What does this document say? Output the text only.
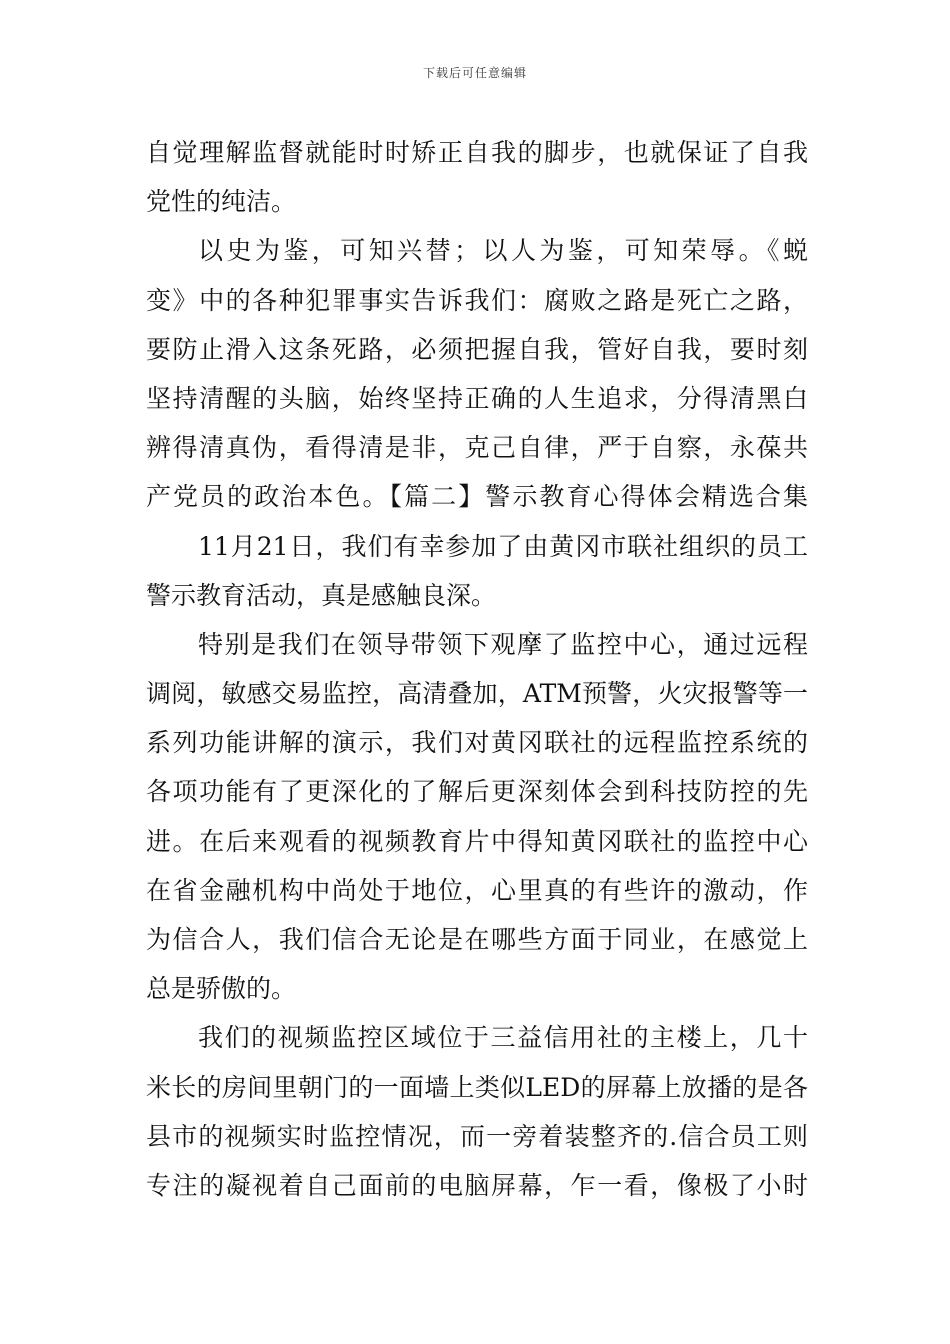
下载后可任意编辑
自觉理解监督就能时时矫正自我的脚步，也就保证了自我
党性的纯洁。
以史为鉴，可知兴替；以人为鉴，可知荣辱。《蜕
变》中的各种犯罪事实告诉我们：腐败之路是死亡之路，
要防止滑入这条死路，必须把握自我，管好自我，要时刻
坚持清醒的头脑，始终坚持正确的人生追求，分得清黑白
辨得清真伪，看得清是非，克己自律，严于自察，永葆共
产党员的政治本色。【篇二】警示教育心得体会精选合集
11月21日，我们有幸参加了由黄冈市联社组织的员工
警示教育活动，真是感触良深。
特别是我们在领导带领下观摩了监控中心，通过远程
调阅，敏感交易监控，高清叠加，ATM预警，火灾报警等一
系列功能讲解的演示，我们对黄冈联社的远程监控系统的
各项功能有了更深化的了解后更深刻体会到科技防控的先
进。在后来观看的视频教育片中得知黄冈联社的监控中心
在省金融机构中尚处于地位，心里真的有些许的激动，作
为信合人，我们信合无论是在哪些方面于同业，在感觉上
总是骄傲的。
我们的视频监控区域位于三益信用社的主楼上，几十
米长的房间里朝门的一面墙上类似LED的屏幕上放播的是各
县市的视频实时监控情况，而一旁着装整齐的.信合员工则
专注的凝视着自己面前的电脑屏幕，乍一看，像极了小时
